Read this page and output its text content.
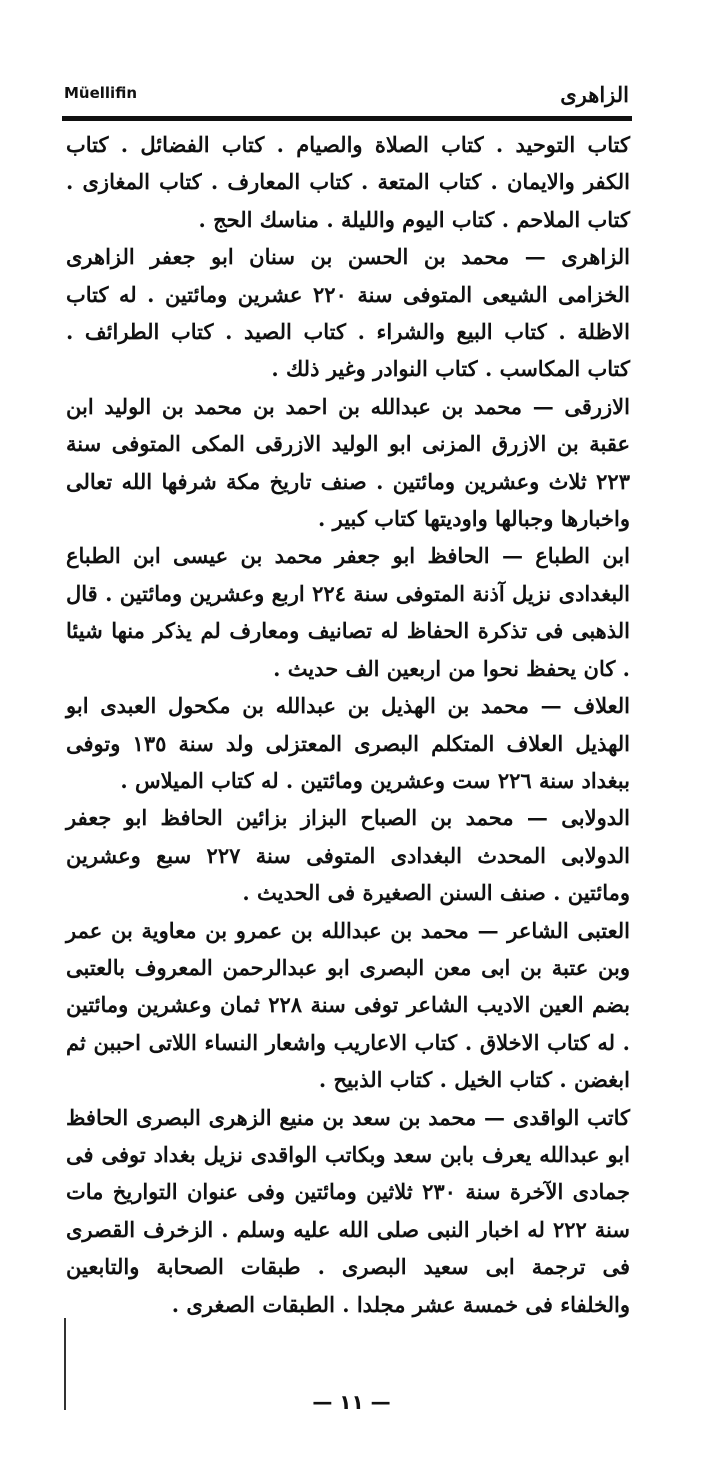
الزاهرى
Müellifin

كتاب التوحيد . كتاب الصلاة والصيام . كتاب الفضائل . كتاب الكفر والايمان . كتاب المتعة . كتاب المعارف . كتاب المغازى . كتاب الملاحم . كتاب اليوم والليلة . مناسك الحج .

الزاهرى — محمد بن الحسن بن سنان ابو جعفر الزاهرى الخزامى الشيعى المتوفى سنة ٢٢٠ عشرين ومائتين . له كتاب الاظلة . كتاب البيع والشراء . كتاب الصيد . كتاب الطرائف . كتاب المكاسب . كتاب النوادر وغير ذلك .

الازرقى — محمد بن عبدالله بن احمد بن محمد بن الوليد ابن عقبة بن الازرق المزنى ابو الوليد الازرقى المكى المتوفى سنة ٢٢٣ ثلاث وعشرين ومائتين . صنف تاريخ مكة شرفها الله تعالى واخبارها وجبالها واوديتها كتاب كبير .

ابن الطباع — الحافظ ابو جعفر محمد بن عيسى ابن الطباع البغدادى نزيل آذنة المتوفى سنة ٢٢٤ اربع وعشرين ومائتين . قال الذهبى فى تذكرة الحفاظ له تصانيف ومعارف لم يذكر منها شيئا . كان يحفظ نحوا من اربعين الف حديث .

العلاف — محمد بن الهذيل بن عبدالله بن مكحول العبدى ابو الهذيل العلاف المتكلم البصرى المعتزلى ولد سنة ١٣٥ وتوفى ببغداد سنة ٢٢٦ ست وعشرين ومائتين . له كتاب الميلاس .

الدولابى — محمد بن الصباح البزاز بزائين الحافظ ابو جعفر الدولابى المحدث البغدادى المتوفى سنة ٢٢٧ سبع وعشرين ومائتين . صنف السنن الصغيرة فى الحديث .

العتبى الشاعر — محمد بن عبدالله بن عمرو بن معاوية بن عمر وبن عتبة بن ابى معن البصرى ابو عبدالرحمن المعروف بالعتبى بضم العين الاديب الشاعر توفى سنة ٢٢٨ ثمان وعشرين ومائتين . له كتاب الاخلاق . كتاب الاعاريب واشعار النساء اللاتى احببن ثم ابغضن . كتاب الخيل . كتاب الذبيح .

كاتب الواقدى — محمد بن سعد بن منيع الزهرى البصرى الحافظ ابو عبدالله يعرف بابن سعد وبكاتب الواقدى نزيل بغداد توفى فى جمادى الآخرة سنة ٢٣٠ ثلاثين ومائتين وفى عنوان التواريخ مات سنة ٢٢٢ له اخبار النبى صلى الله عليه وسلم . الزخرف القصرى فى ترجمة ابى سعيد البصرى . طبقات الصحابة والتابعين والخلفاء فى خمسة عشر مجلدا . الطبقات الصغرى .

— ١١ —
